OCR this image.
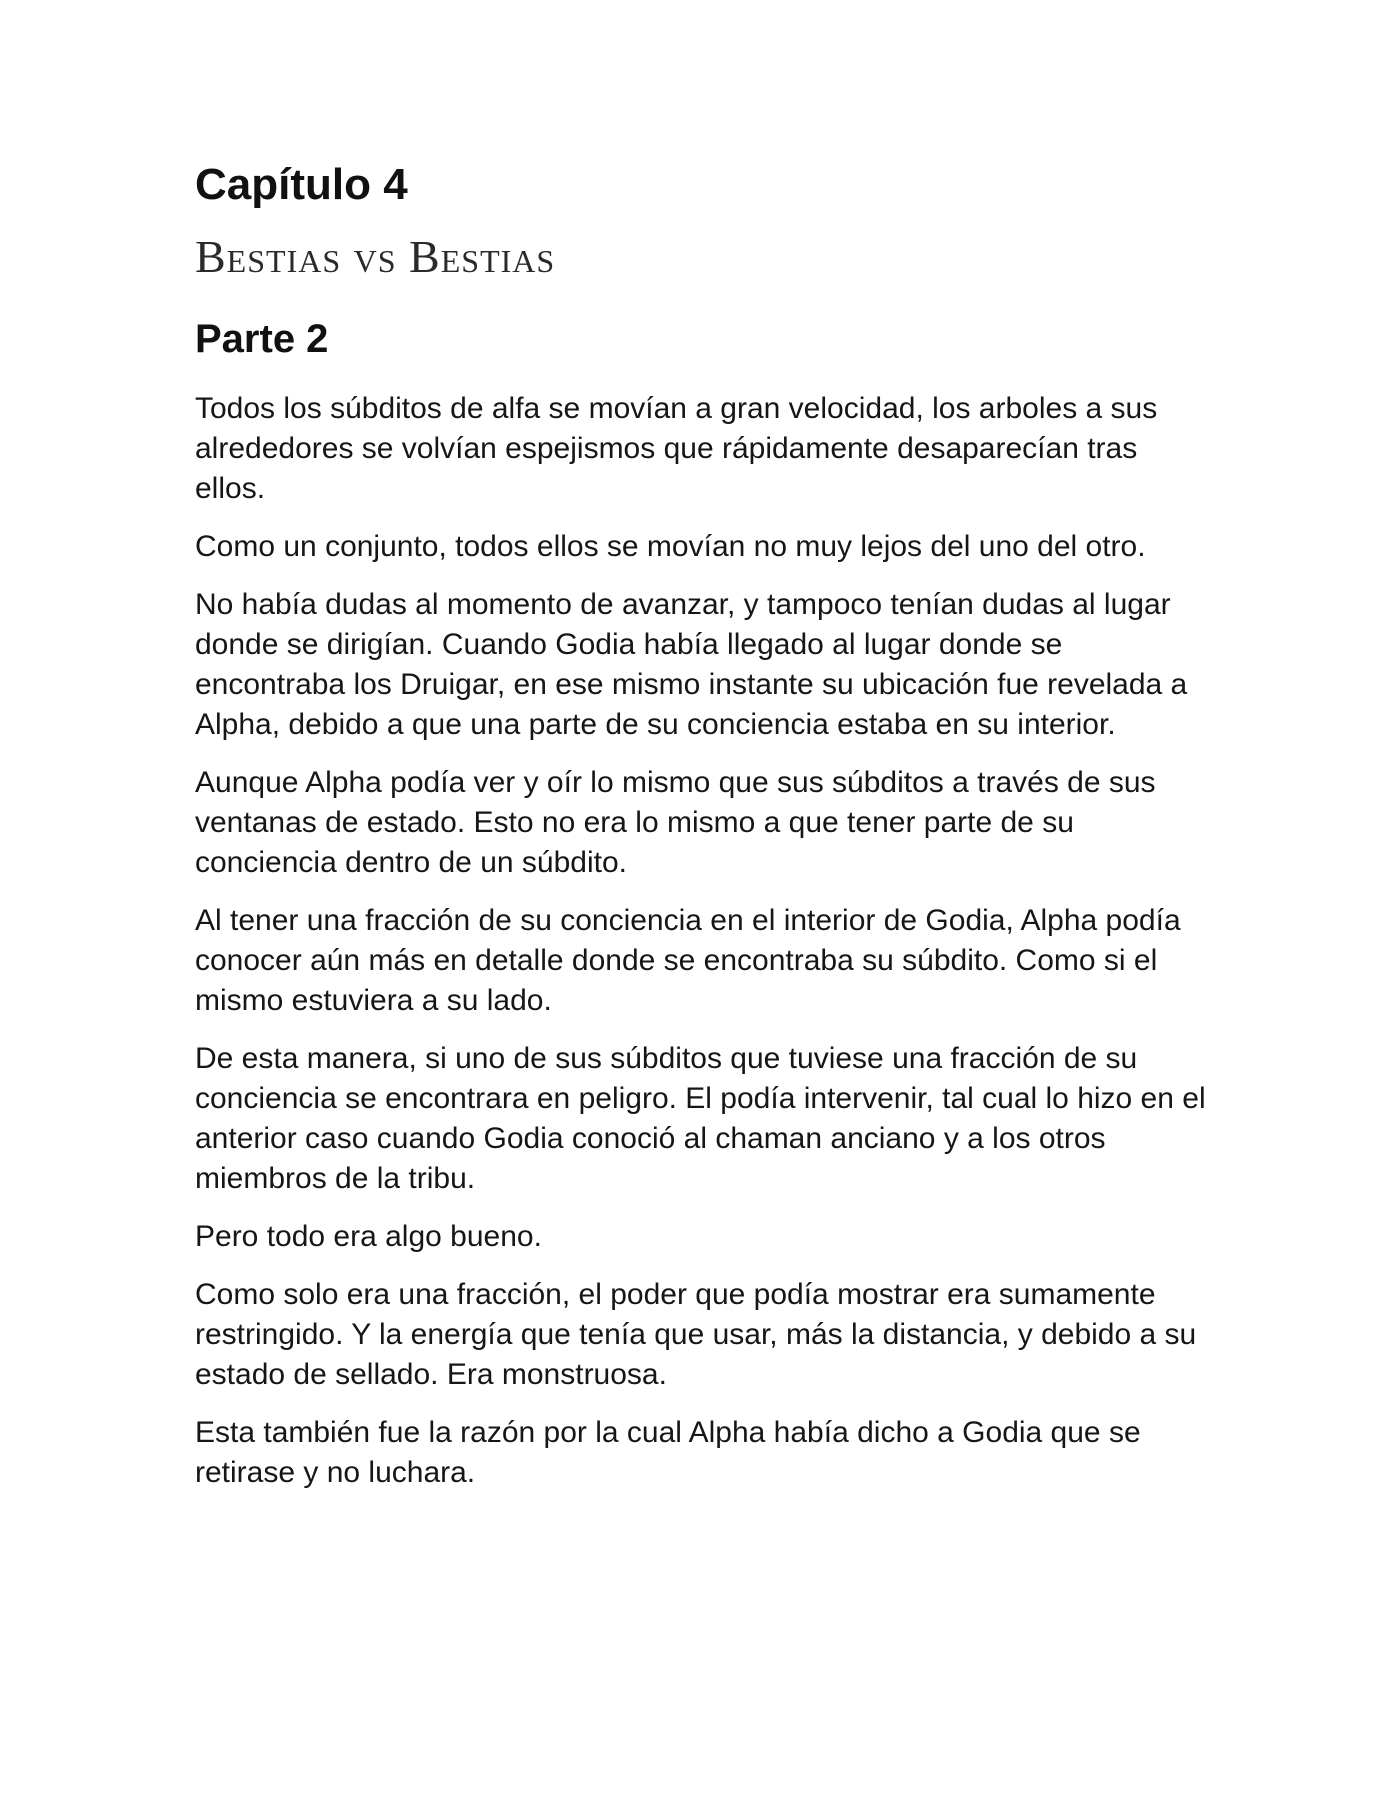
Capítulo 4
Bestias vs Bestias
Parte 2

Todos los súbditos de alfa se movían a gran velocidad, los arboles a sus alrededores se volvían espejismos que rápidamente desaparecían tras ellos.

Como un conjunto, todos ellos se movían no muy lejos del uno del otro.

No había dudas al momento de avanzar, y tampoco tenían dudas al lugar donde se dirigían. Cuando Godia había llegado al lugar donde se encontraba los Druigar, en ese mismo instante su ubicación fue revelada a Alpha, debido a que una parte de su conciencia estaba en su interior.

Aunque Alpha podía ver y oír lo mismo que sus súbditos a través de sus ventanas de estado. Esto no era lo mismo a que tener parte de su conciencia dentro de un súbdito.

Al tener una fracción de su conciencia en el interior de Godia, Alpha podía conocer aún más en detalle donde se encontraba su súbdito. Como si el mismo estuviera a su lado.

De esta manera, si uno de sus súbditos que tuviese una fracción de su conciencia se encontrara en peligro. El podía intervenir, tal cual lo hizo en el anterior caso cuando Godia conoció al chaman anciano y a los otros miembros de la tribu.

Pero todo era algo bueno.

Como solo era una fracción, el poder que podía mostrar era sumamente restringido. Y la energía que tenía que usar, más la distancia, y debido a su estado de sellado. Era monstruosa.

Esta también fue la razón por la cual Alpha había dicho a Godia que se retirase y no luchara.
